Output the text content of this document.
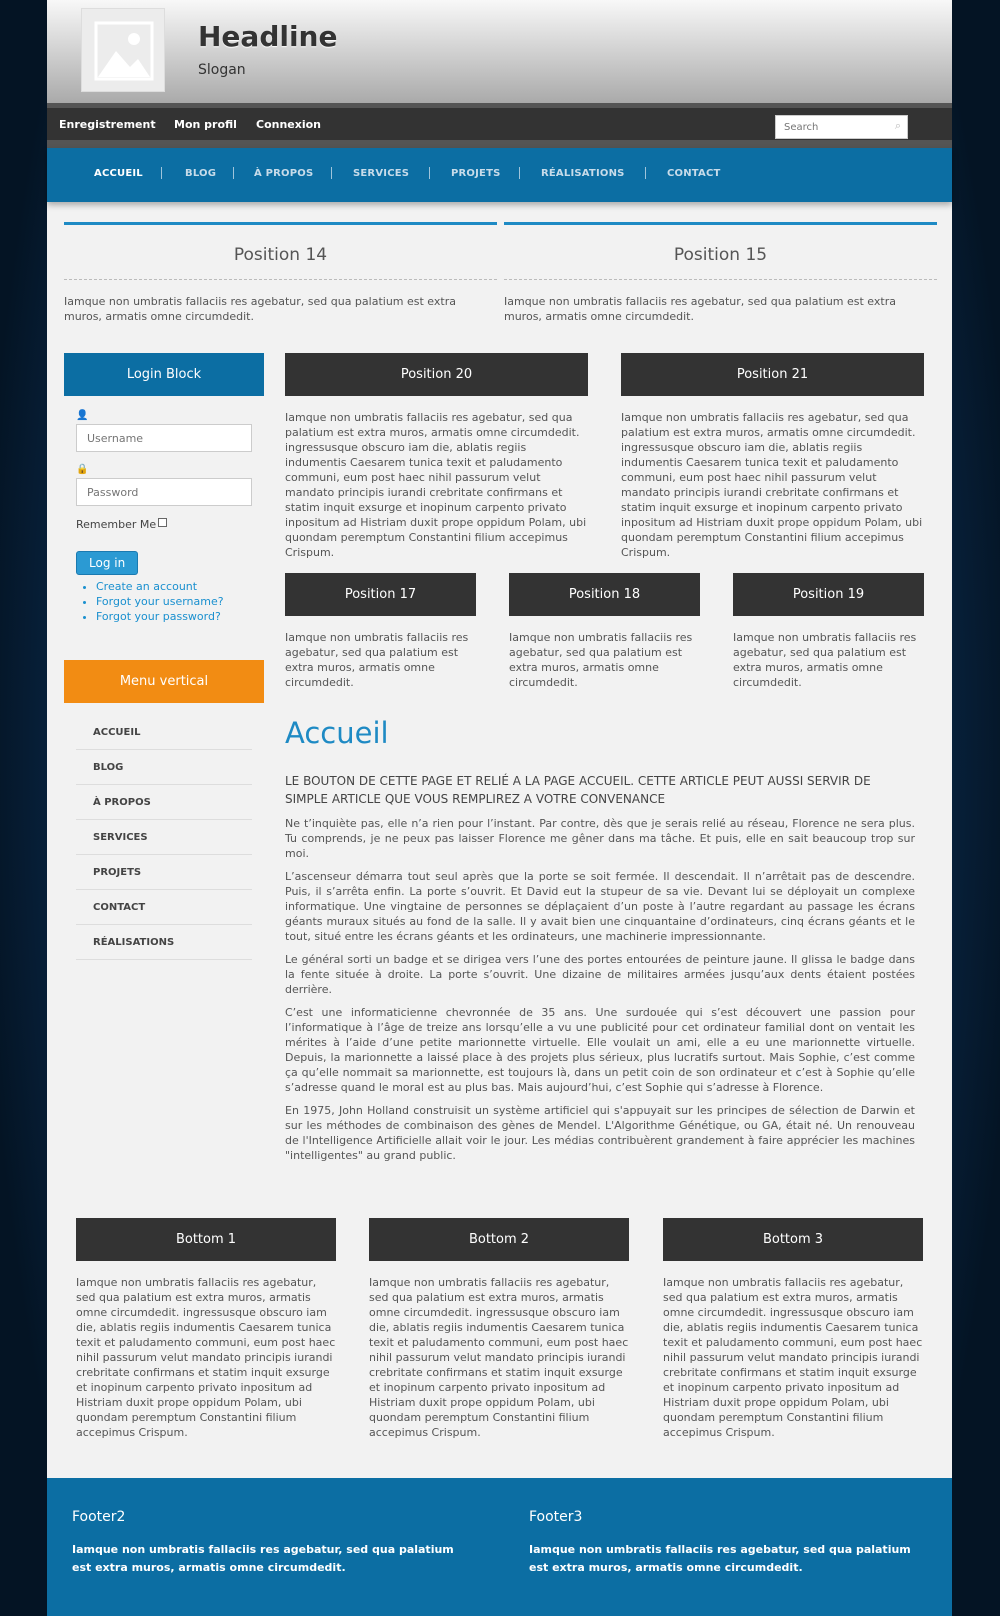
Headline
Slogan
Enregistrement Mon profil Connexion
Search	⌕
ACCUEIL	BLOG	À PROPOS	SERVICES	PROJETS	RÉALISATIONS	CONTACT
Position 14

Iamque non umbratis fallaciis res agebatur, sed qua palatium est extra muros, armatis omne circumdedit.

Position 15

Iamque non umbratis fallaciis res agebatur, sed qua palatium est extra muros, armatis omne circumdedit.

Login Block
👤
Username
🔒
Remember Me
Log in
• Create an account
• Forgot your username?
• Forgot your password?
Menu vertical
ACCUEIL
BLOG
À PROPOS
SERVICES
PROJETS
CONTACT
RÉALISATIONS
Position 20
Iamque non umbratis fallaciis res agebatur, sed qua palatium est extra muros, armatis omne circumdedit. ingressusque obscuro iam die, ablatis regiis indumentis Caesarem tunica texit et paludamento communi, eum post haec nihil passurum velut mandato principis iurandi crebritate confirmans et statim inquit exsurge et inopinum carpento privato inpositum ad Histriam duxit prope oppidum Polam, ubi quondam peremptum Constantini filium accepimus Crispum.
Position 21
Iamque non umbratis fallaciis res agebatur, sed qua palatium est extra muros, armatis omne circumdedit. ingressusque obscuro iam die, ablatis regiis indumentis Caesarem tunica texit et paludamento communi, eum post haec nihil passurum velut mandato principis iurandi crebritate confirmans et statim inquit exsurge et inopinum carpento privato inpositum ad Histriam duxit prope oppidum Polam, ubi quondam peremptum Constantini filium accepimus Crispum.
Position 17
Iamque non umbratis fallaciis res agebatur, sed qua palatium est extra muros, armatis omne circumdedit.
Position 18
Iamque non umbratis fallaciis res agebatur, sed qua palatium est extra muros, armatis omne circumdedit.
Position 19
Iamque non umbratis fallaciis res agebatur, sed qua palatium est extra muros, armatis omne circumdedit.
Accueil
LE BOUTON DE CETTE PAGE ET RELIÉ A LA PAGE ACCUEIL. CETTE ARTICLE PEUT AUSSI SERVIR DE SIMPLE ARTICLE QUE VOUS REMPLIREZ A VOTRE CONVENANCE

Ne t’inquiète pas, elle n’a rien pour l’instant. Par contre, dès que je serais relié au réseau, Florence ne sera plus. Tu comprends, je ne peux pas laisser Florence me gêner dans ma tâche. Et puis, elle en sait beaucoup trop sur moi.

L’ascenseur démarra tout seul après que la porte se soit fermée. Il descendait. Il n’arrêtait pas de descendre. Puis, il s’arrêta enfin. La porte s’ouvrit. Et David eut la stupeur de sa vie. Devant lui se déployait un complexe informatique. Une vingtaine de personnes se déplaçaient d’un poste à l’autre regardant au passage les écrans géants muraux situés au fond de la salle. Il y avait bien une cinquantaine d’ordinateurs, cinq écrans géants et le tout, situé entre les écrans géants et les ordinateurs, une machinerie impressionnante.

Le général sorti un badge et se dirigea vers l’une des portes entourées de peinture jaune. Il glissa le badge dans la fente située à droite. La porte s’ouvrit. Une dizaine de militaires armées jusqu’aux dents étaient postées derrière.

C’est une informaticienne chevronnée de 35 ans. Une surdouée qui s’est découvert une passion pour l’informatique à l’âge de treize ans lorsqu’elle a vu une publicité pour cet ordinateur familial dont on ventait les mérites à l’aide d’une petite marionnette virtuelle. Elle voulait un ami, elle a eu une marionnette virtuelle. Depuis, la marionnette a laissé place à des projets plus sérieux, plus lucratifs surtout. Mais Sophie, c’est comme ça qu’elle nommait sa marionnette, est toujours là, dans un petit coin de son ordinateur et c’est à Sophie qu’elle s’adresse quand le moral est au plus bas. Mais aujourd’hui, c’est Sophie qui s’adresse à Florence.

En 1975, John Holland construisit un système artificiel qui s'appuyait sur les principes de sélection de Darwin et sur les méthodes de combinaison des gènes de Mendel. L'Algorithme Génétique, ou GA, était né. Un renouveau de l'Intelligence Artificielle allait voir le jour. Les médias contribuèrent grandement à faire apprécier les machines "intelligentes" au grand public.

Bottom 1
Iamque non umbratis fallaciis res agebatur, sed qua palatium est extra muros, armatis omne circumdedit. ingressusque obscuro iam die, ablatis regiis indumentis Caesarem tunica texit et paludamento communi, eum post haec nihil passurum velut mandato principis iurandi crebritate confirmans et statim inquit exsurge et inopinum carpento privato inpositum ad Histriam duxit prope oppidum Polam, ubi quondam peremptum Constantini filium accepimus Crispum.
Bottom 2
Iamque non umbratis fallaciis res agebatur, sed qua palatium est extra muros, armatis omne circumdedit. ingressusque obscuro iam die, ablatis regiis indumentis Caesarem tunica texit et paludamento communi, eum post haec nihil passurum velut mandato principis iurandi crebritate confirmans et statim inquit exsurge et inopinum carpento privato inpositum ad Histriam duxit prope oppidum Polam, ubi quondam peremptum Constantini filium accepimus Crispum.
Bottom 3
Iamque non umbratis fallaciis res agebatur, sed qua palatium est extra muros, armatis omne circumdedit. ingressusque obscuro iam die, ablatis regiis indumentis Caesarem tunica texit et paludamento communi, eum post haec nihil passurum velut mandato principis iurandi crebritate confirmans et statim inquit exsurge et inopinum carpento privato inpositum ad Histriam duxit prope oppidum Polam, ubi quondam peremptum Constantini filium accepimus Crispum.
Footer2

Iamque non umbratis fallaciis res agebatur, sed qua palatium est extra muros, armatis omne circumdedit.

Footer3

Iamque non umbratis fallaciis res agebatur, sed qua palatium est extra muros, armatis omne circumdedit.
